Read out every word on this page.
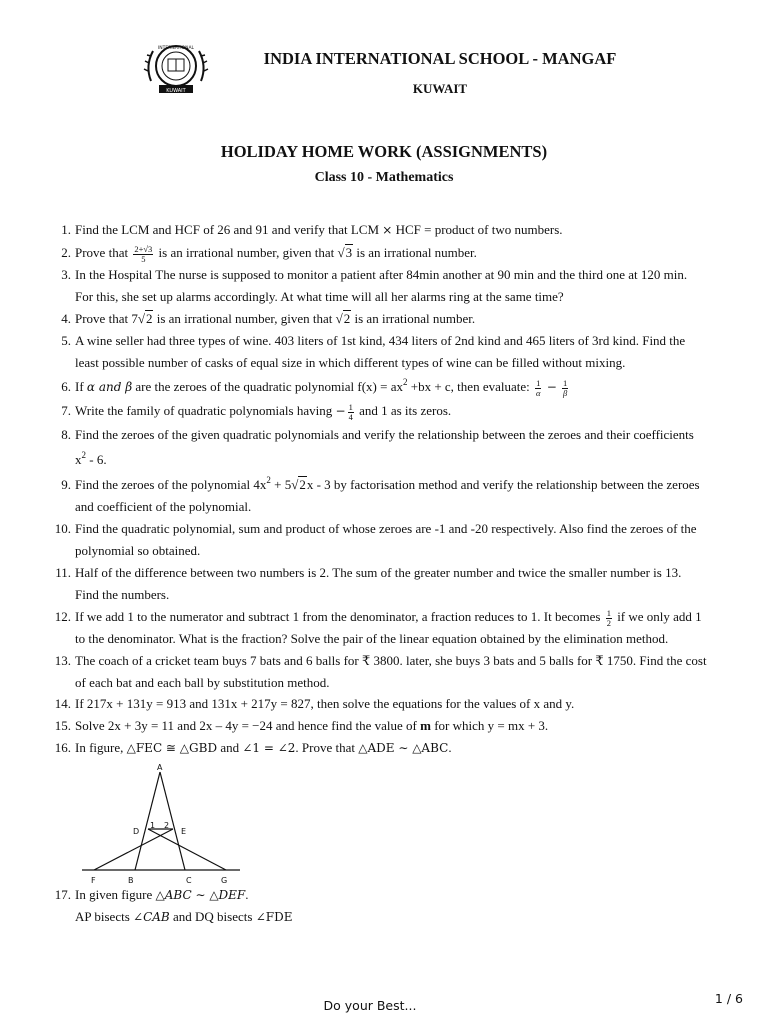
KUWAIT
INTERNATIONAL
INDIA INTERNATIONAL SCHOOL - MANGAF
KUWAIT
HOLIDAY HOME WORK (ASSIGNMENTS)
Class 10 - Mathematics
1. Find the LCM and HCF of 26 and 91 and verify that LCM × HCF = product of two numbers.
2. Prove that $\frac{2+√3}{5}$ is an irrational number, given that √3 is an irrational number.
3. In the Hospital The nurse is supposed to monitor a patient after 84min another at 90 min and the third one at 120 min.
For this, she set up alarms accordingly. At what time will all her alarms ring at the same time?
4. Prove that 7√2 is an irrational number, given that √2 is an irrational number.
5. A wine seller had three types of wine. 403 liters of 1st kind, 434 liters of 2nd kind and 465 liters of 3rd kind. Find the
least possible number of casks of equal size in which different types of wine can be filled without mixing.
6. If α and β are the zeroes of the quadratic polynomial $f(x) = ax^2 +bx + c$, then evaluate: $\frac{1}{\alpha} - \frac{1}{\beta}$
7. Write the family of quadratic polynomials having − $\frac{1}{4}$ and 1 as its zeros.
8. Find the zeroes of the given quadratic polynomials and verify the relationship between the zeroes and their coefficients
$x^2 - 6$.
9. Find the zeroes of the polynomial $4x^2 + 5√2x - 3$ by factorisation method and verify the relationship between the zeroes
and coefficient of the polynomial.
10. Find the quadratic polynomial, sum and product of whose zeroes are -1 and -20 respectively. Also find the zeroes of the
polynomial so obtained.
11. Half of the difference between two numbers is 2. The sum of the greater number and twice the smaller number is 13.
Find the numbers.
12. If we add 1 to the numerator and subtract 1 from the denominator, a fraction reduces to 1. It becomes $\frac{1}{2}$ if we only add 1
to the denominator. What is the fraction? Solve the pair of the linear equation obtained by the elimination method.
13. The coach of a cricket team buys 7 bats and 6 balls for ₹ 3800. later, she buys 3 bats and 5 balls for ₹ 1750. Find the cost
of each bat and each ball by substitution method.
14. If 217x + 131y = 913 and 131x + 217y = 827, then solve the equations for the values of x and y.
15. Solve 2x + 3y = 11 and 2x – 4y = −24 and hence find the value of m for which y = mx + 3.
16. In figure, △FEC ≅ △GBD and ∠1 = ∠2. Prove that △ADE ∼ △ABC.
17. In given figure △ABC ∼ △DEF.
AP bisects ∠CAB and DQ bisects ∠FDE
A
D	E
1 2
F	B	C	G
Do your Best...	1 / 6
